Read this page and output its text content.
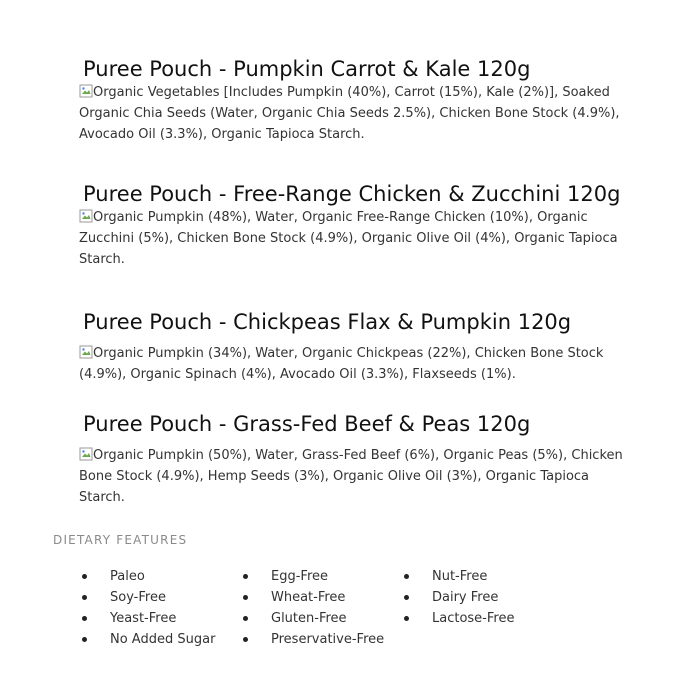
Puree Pouch - Pumpkin Carrot & Kale 120g

Organic Vegetables [Includes Pumpkin (40%), Carrot (15%), Kale (2%)], Soaked Organic Chia Seeds (Water, Organic Chia Seeds 2.5%), Chicken Bone Stock (4.9%), Avocado Oil (3.3%), Organic Tapioca Starch.

Puree Pouch - Free-Range Chicken & Zucchini 120g

Organic Pumpkin (48%), Water, Organic Free-Range Chicken (10%), Organic Zucchini (5%), Chicken Bone Stock (4.9%), Organic Olive Oil (4%), Organic Tapioca Starch.

Puree Pouch - Chickpeas Flax & Pumpkin 120g

Organic Pumpkin (34%), Water, Organic Chickpeas (22%), Chicken Bone Stock (4.9%), Organic Spinach (4%), Avocado Oil (3.3%), Flaxseeds (1%).

Puree Pouch - Grass-Fed Beef & Peas 120g

Organic Pumpkin (50%), Water, Grass-Fed Beef (6%), Organic Peas (5%), Chicken Bone Stock (4.9%), Hemp Seeds (3%), Organic Olive Oil (3%), Organic Tapioca Starch.

DIETARY FEATURES
Paleo
Soy-Free
Yeast-Free
No Added Sugar
Egg-Free
Wheat-Free
Gluten-Free
Preservative-Free
Nut-Free
Dairy Free
Lactose-Free
